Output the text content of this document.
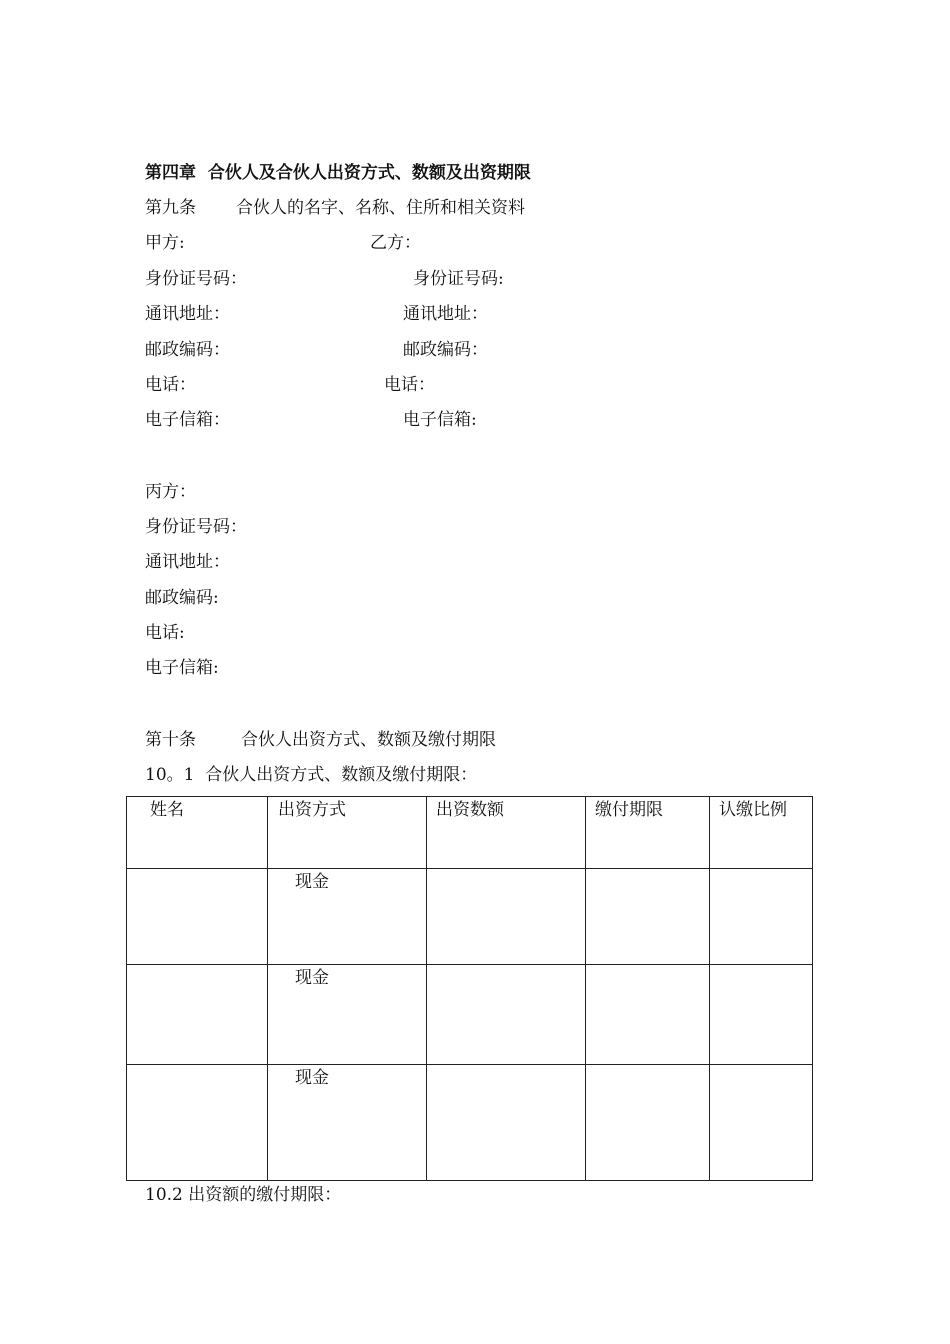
第四章  合伙人及合伙人出资方式、数额及出资期限
第九条 合伙人的名字、名称、住所和相关资料
甲方:	乙方：
身份证号码：	身份证号码:
通讯地址：	通讯地址：
邮政编码：	邮政编码：
电话：	电话：
电子信箱：	电子信箱:
丙方：
身份证号码：
通讯地址：
邮政编码:
电话:
电子信箱:
第十条	合伙人出资方式、数额及缴付期限
10。1  合伙人出资方式、数额及缴付期限：
姓名	出资方式	出资数额	缴付期限	认缴比例
	现金			
	现金			
	现金			
10.2 出资额的缴付期限：
